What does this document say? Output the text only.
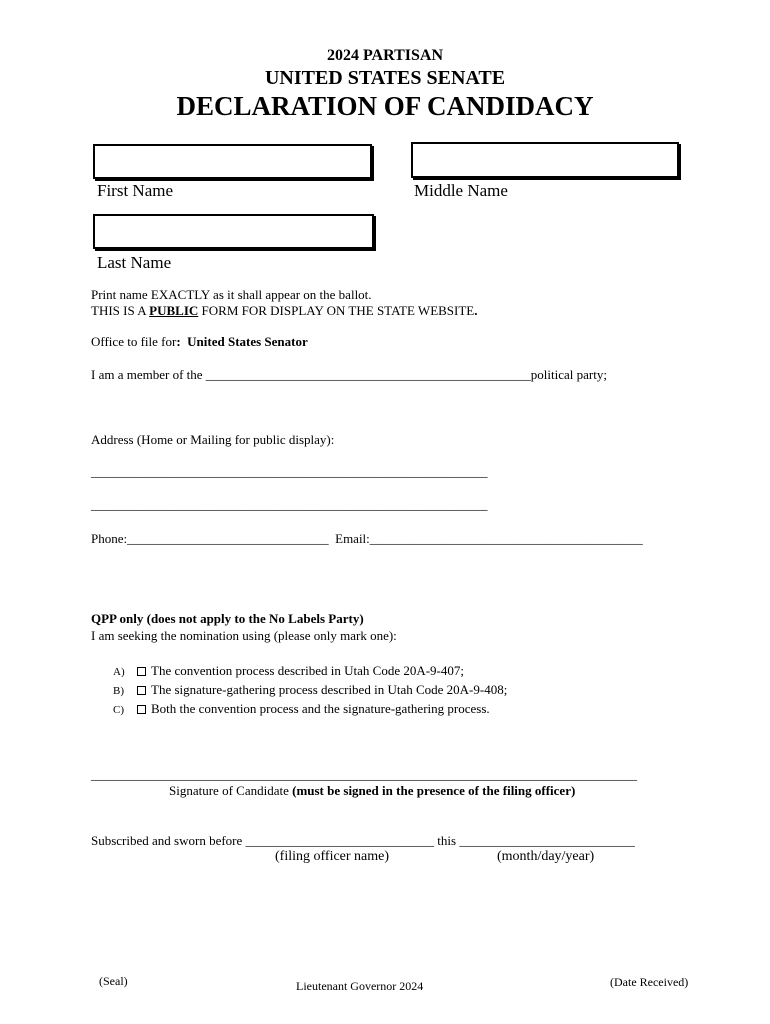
2024 PARTISAN
UNITED STATES SENATE
DECLARATION OF CANDIDACY
First Name	Middle Name
Last Name
Print name EXACTLY as it shall appear on the ballot.
THIS IS A PUBLIC FORM FOR DISPLAY ON THE STATE WEBSITE.
Office to file for: United States Senator
I am a member of the __________________________________________________political party;
Address (Home or Mailing for public display):
_____________________________________________________________
_____________________________________________________________
Phone:_______________________________ Email:__________________________________________
QPP only (does not apply to the No Labels Party)
I am seeking the nomination using (please only mark one):
A) The convention process described in Utah Code 20A-9-407;
B) The signature-gathering process described in Utah Code 20A-9-408;
C) Both the convention process and the signature-gathering process.
____________________________________________________________________________________
Signature of Candidate (must be signed in the presence of the filing officer)
Subscribed and sworn before _____________________________ this ___________________________
(filing officer name)	(month/day/year)
(Seal)	Lieutenant Governor 2024	(Date Received)
